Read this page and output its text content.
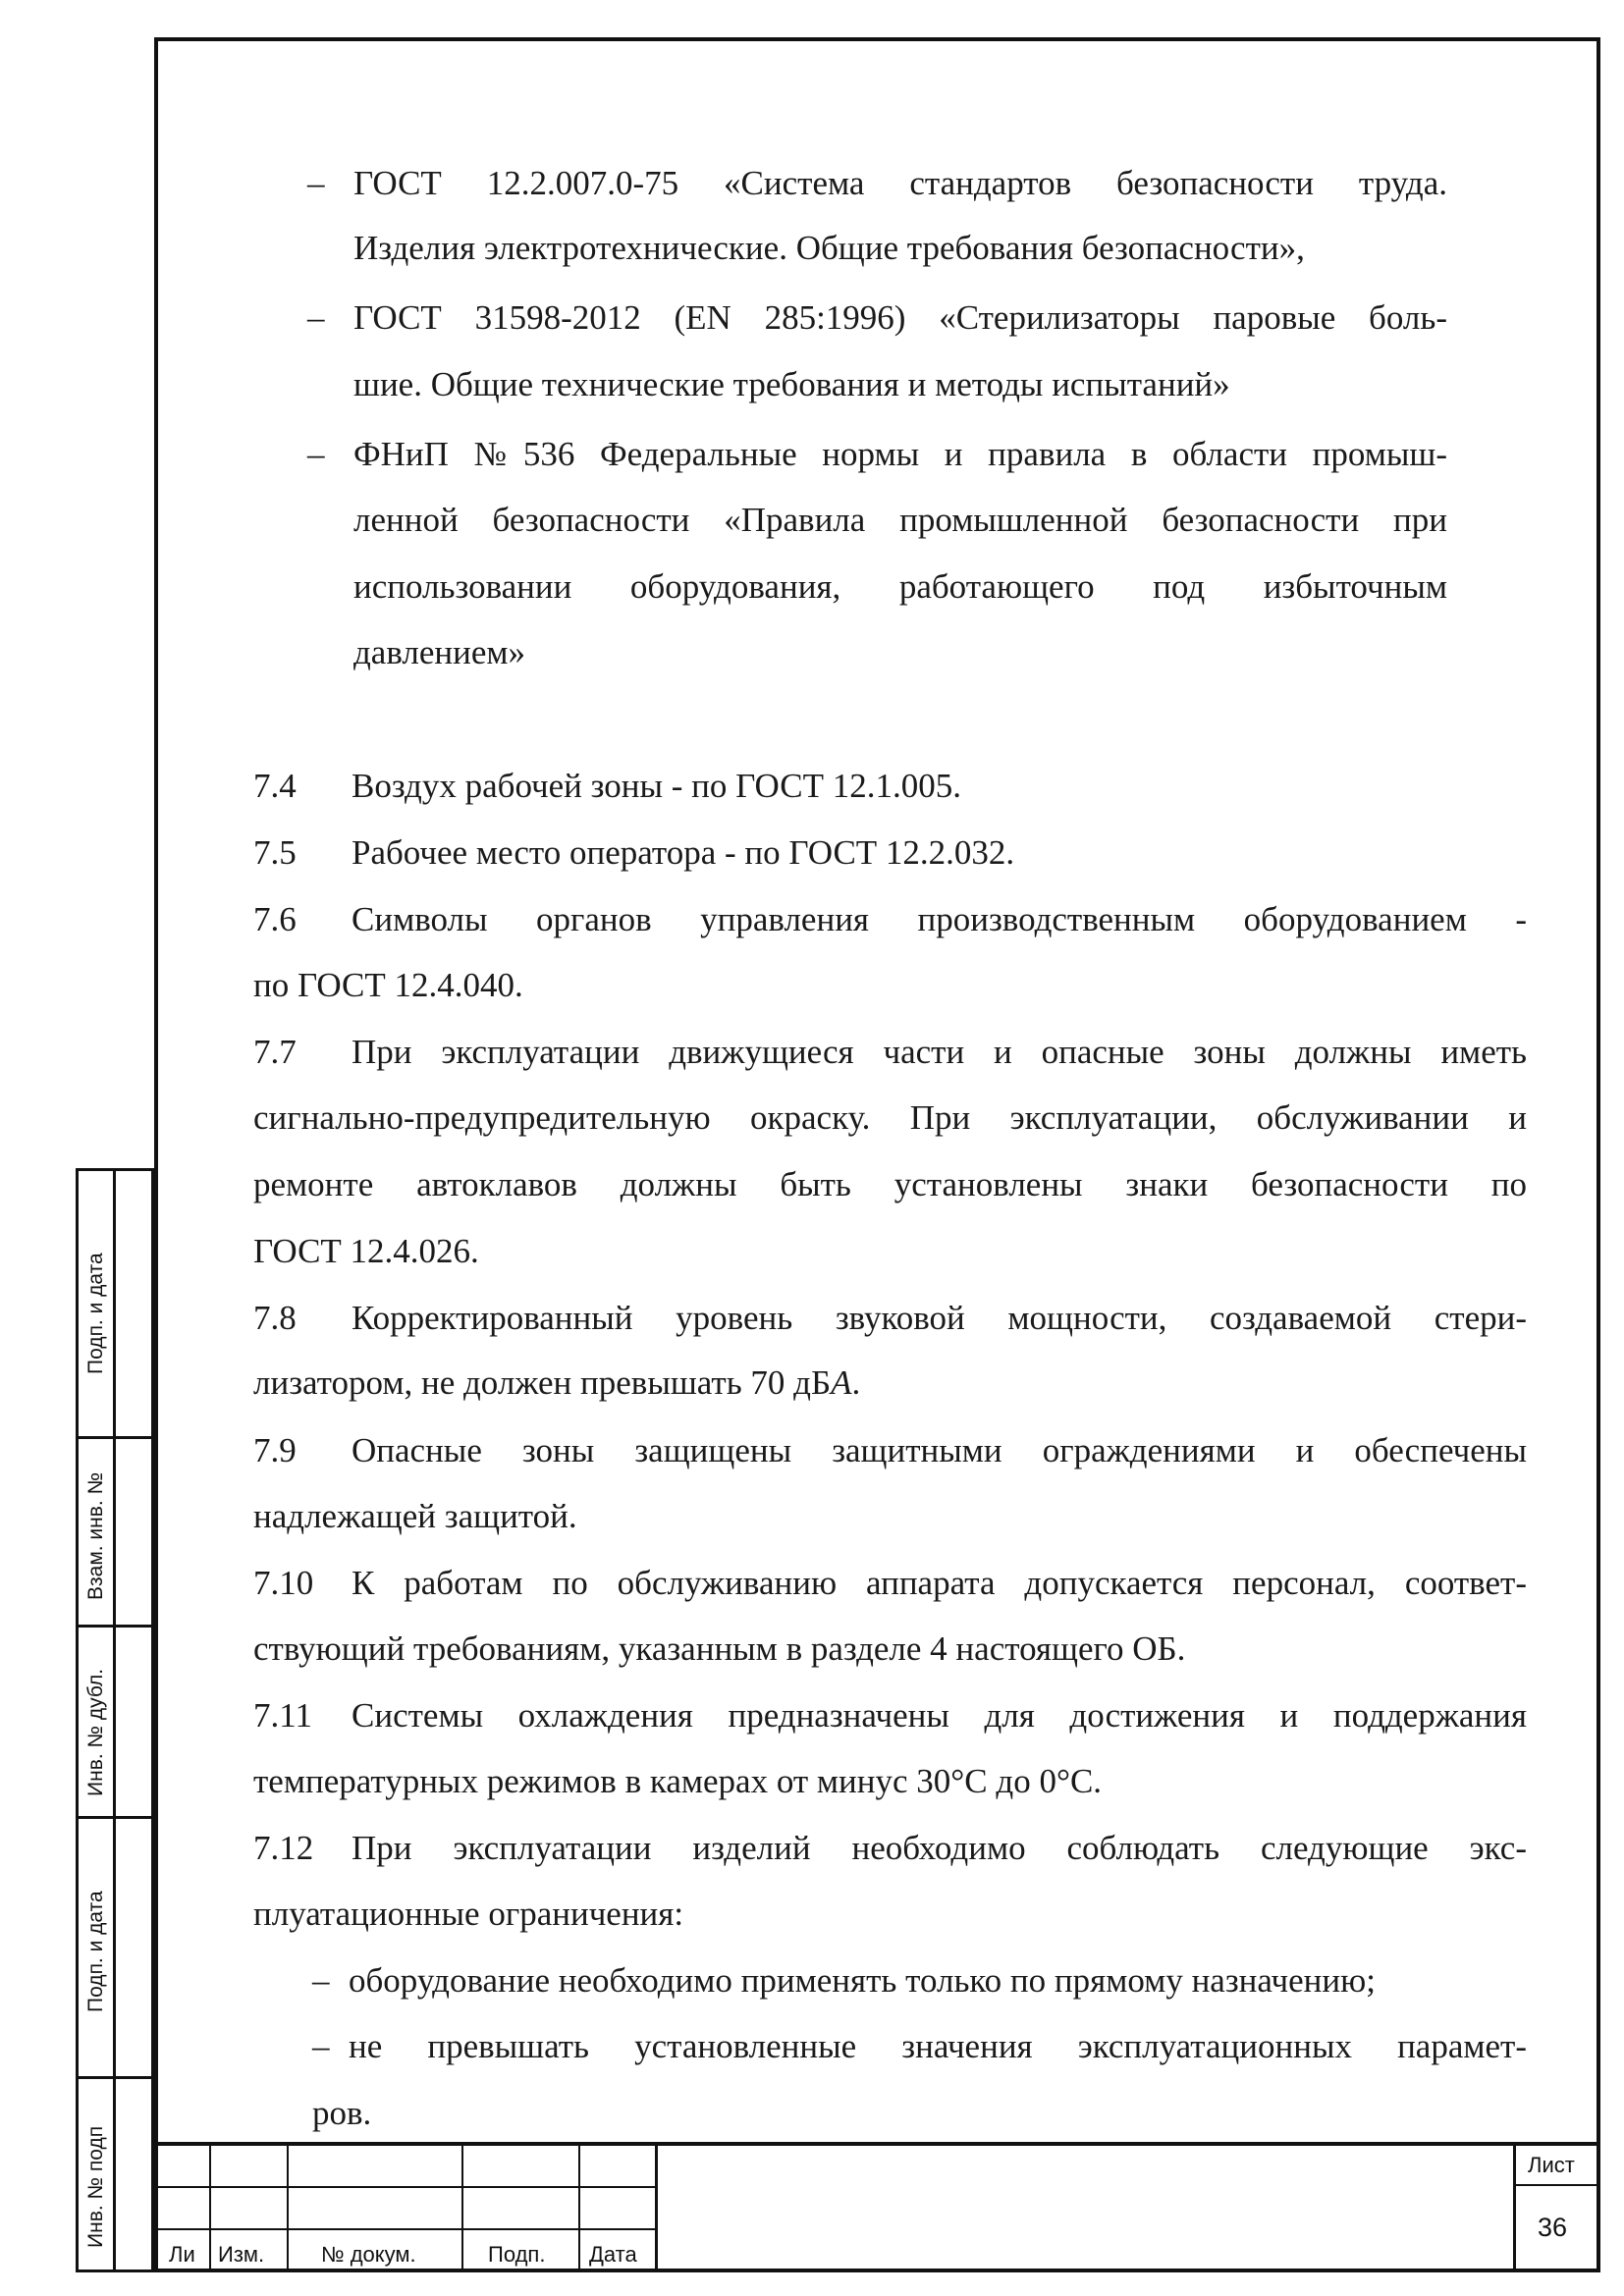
– ГОСТ 12.2.007.0-75 «Система стандартов безопасности труда.
Изделия электротехнические. Общие требования безопасности»,
– ГОСТ 31598-2012 (EN 285:1996) «Стерилизаторы паровые боль-
шие. Общие технические требования и методы испытаний»
– ФНиП №536 Федеральные нормы и правила в области промыш-
ленной безопасности «Правила промышленной безопасности при
использовании оборудования, работающего под избыточным
давлением»
7.4 Воздух рабочей зоны - по ГОСТ 12.1.005.
7.5 Рабочее место оператора - по ГОСТ 12.2.032.
7.6 Символы органов управления производственным оборудованием -
по ГОСТ 12.4.040.
7.7 При эксплуатации движущиеся части и опасные зоны должны иметь
сигнально-предупредительную окраску. При эксплуатации, обслуживании и
ремонте автоклавов должны быть установлены знаки безопасности по
ГОСТ 12.4.026.
7.8 Корректированный уровень звуковой мощности, создаваемой стери-
лизатором, не должен превышать 70 дБА.
7.9 Опасные зоны защищены защитными ограждениями и обеспечены
надлежащей защитой.
7.10 К работам по обслуживанию аппарата допускается персонал, соответ-
ствующий требованиям, указанным в разделе 4 настоящего ОБ.
7.11 Системы охлаждения предназначены для достижения и поддержания
температурных режимов в камерах от минус 30°С до 0°С.
7.12 При эксплуатации изделий необходимо соблюдать следующие экс-
плуатационные ограничения:
– оборудование необходимо применять только по прямому назначению;
– не превышать установленные значения эксплуатационных парамет-
ров.
Подп. и дата
Взам. инв. №
Инв. № дубл.
Подп. и дата
Инв. № подп
Ли Изм.	№ докум.	Подп. Дата
Лист
36
